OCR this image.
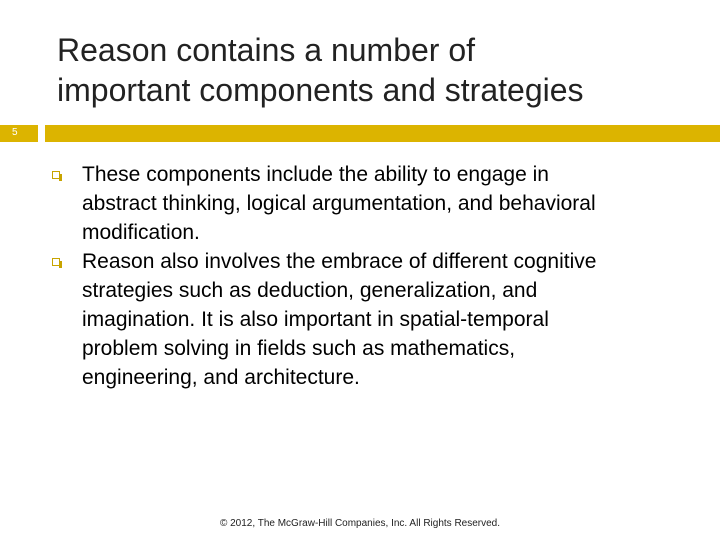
Reason contains a number of
important components and strategies
5
These components include the ability to engage in
abstract thinking, logical argumentation, and behavioral
modification.
Reason also involves the embrace of different cognitive
strategies such as deduction, generalization, and
imagination. It is also important in spatial-temporal
problem solving in fields such as mathematics,
engineering, and architecture.
© 2012, The McGraw-Hill Companies, Inc. All Rights Reserved.
